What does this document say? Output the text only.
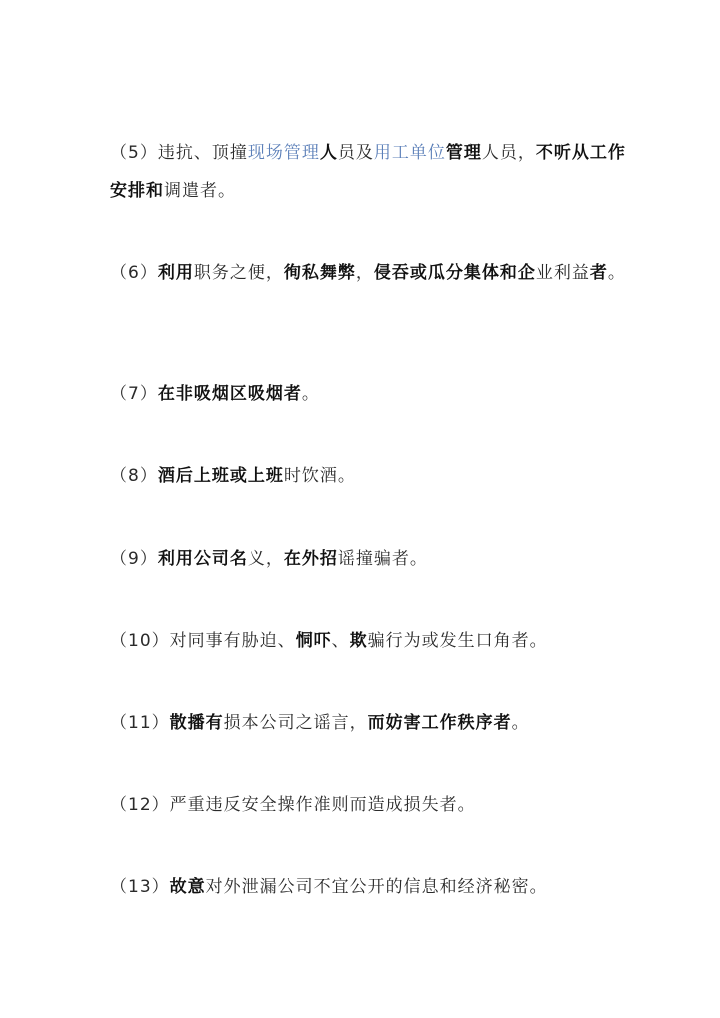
（5）违抗、顶撞现场管理人员及用工单位管理人员，不听从工作安排和调遣者。

（6）利用职务之便，徇私舞弊，侵吞或瓜分集体和企业利益者。

（7）在非吸烟区吸烟者。

（8）酒后上班或上班时饮酒。

（9）利用公司名义，在外招谣撞骗者。

（10）对同事有胁迫、恫吓、欺骗行为或发生口角者。

（11）散播有损本公司之谣言，而妨害工作秩序者。

（12）严重违反安全操作准则而造成损失者。

（13）故意对外泄漏公司不宜公开的信息和经济秘密。
